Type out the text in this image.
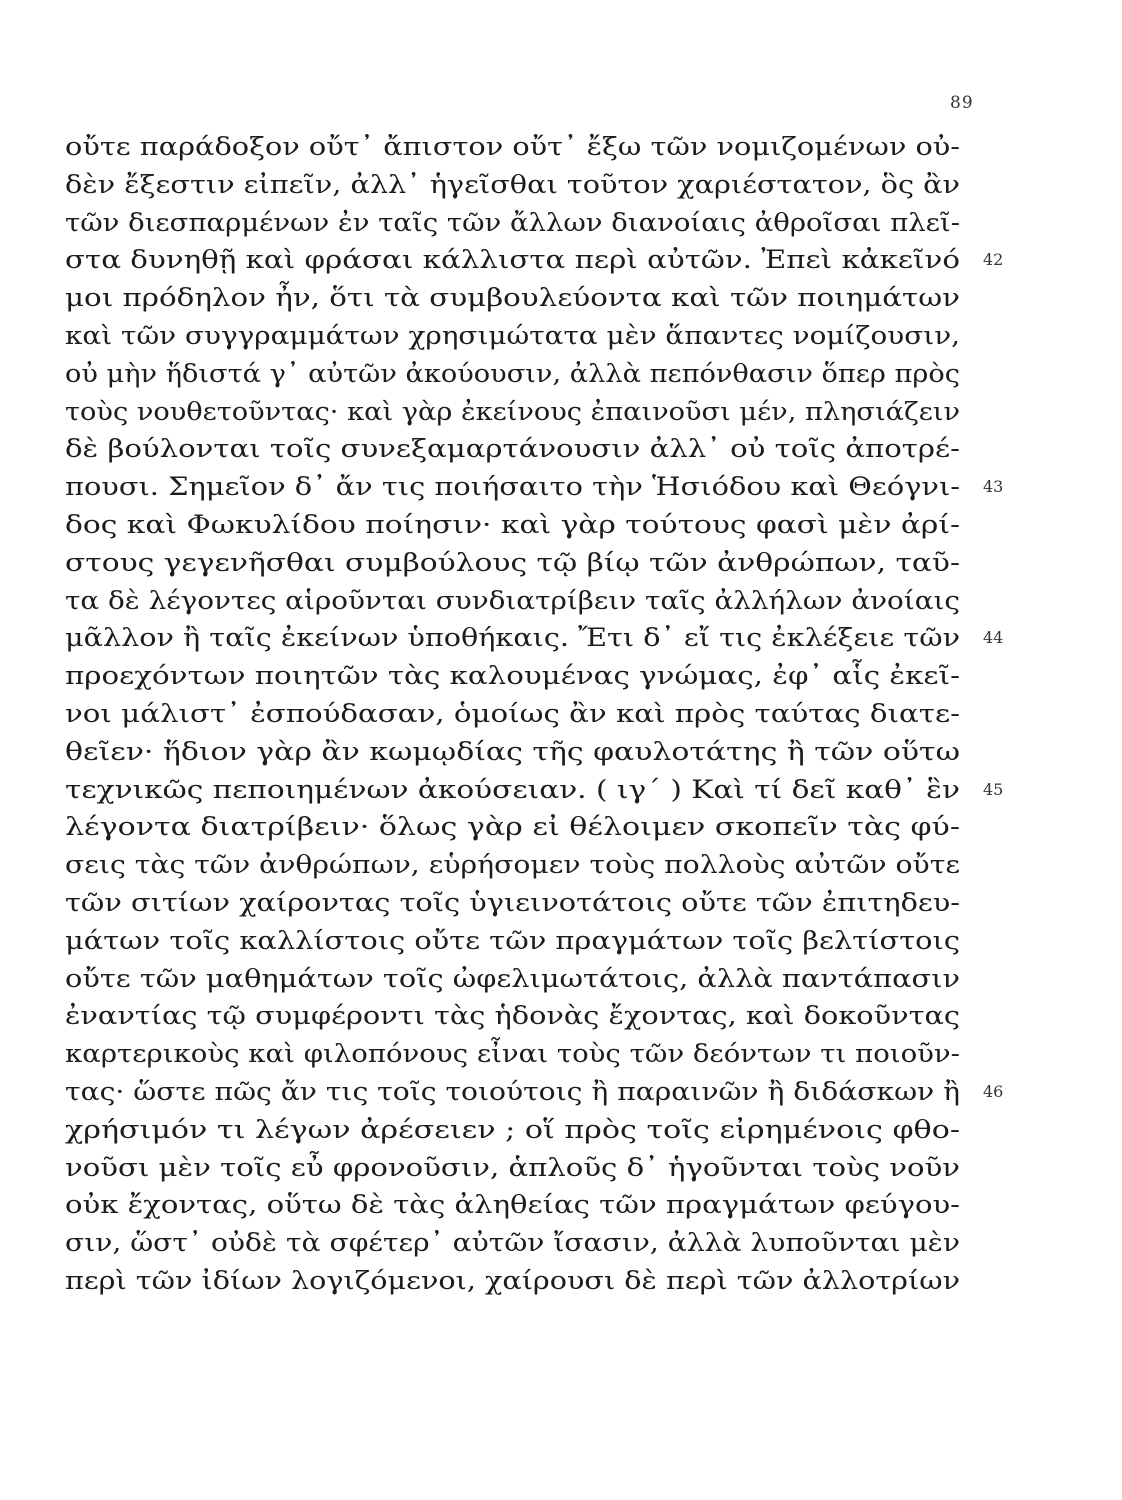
89
οὔτε παράδοξον οὔτ᾽ ἄπιστον οὔτ᾽ ἔξω τῶν νομιζομένων οὐ-
δὲν ἔξεστιν εἰπεῖν, ἀλλ᾽ ἡγεῖσθαι τοῦτον χαριέστατον, ὃς ἂν
τῶν διεσπαρμένων ἐν ταῖς τῶν ἄλλων διανοίαις ἀθροῖσαι πλεῖ-
στα δυνηθῇ καὶ φράσαι κάλλιστα περὶ αὐτῶν. Ἐπεὶ κἀκεῖνό 42
μοι πρόδηλον ἦν, ὅτι τὰ συμβουλεύοντα καὶ τῶν ποιημάτων
καὶ τῶν συγγραμμάτων χρησιμώτατα μὲν ἅπαντες νομίζουσιν,
οὐ μὴν ἥδιστά γ᾽ αὐτῶν ἀκούουσιν, ἀλλὰ πεπόνθασιν ὅπερ πρὸς
τοὺς νουθετοῦντας· καὶ γὰρ ἐκείνους ἐπαινοῦσι μέν, πλησιάζειν
δὲ βούλονται τοῖς συνεξαμαρτάνουσιν ἀλλ᾽ οὐ τοῖς ἀποτρέ-
πουσι. Σημεῖον δ᾽ ἄν τις ποιήσαιτο τὴν Ἡσιόδου καὶ Θεόγνι- 43
δος καὶ Φωκυλίδου ποίησιν· καὶ γὰρ τούτους φασὶ μὲν ἀρί-
στους γεγενῆσθαι συμβούλους τῷ βίῳ τῶν ἀνθρώπων, ταῦ-
τα δὲ λέγοντες αἱροῦνται συνδιατρίβειν ταῖς ἀλλήλων ἀνοίαις
μᾶλλον ἢ ταῖς ἐκείνων ὑποθήκαις. Ἔτι δ᾽ εἴ τις ἐκλέξειε τῶν 44
προεχόντων ποιητῶν τὰς καλουμένας γνώμας, ἐφ᾽ αἷς ἐκεῖ-
νοι μάλιστ᾽ ἐσπούδασαν, ὁμοίως ἂν καὶ πρὸς ταύτας διατε-
θεῖεν· ἥδιον γὰρ ἂν κωμῳδίας τῆς φαυλοτάτης ἢ τῶν οὕτω
τεχνικῶς πεποιημένων ἀκούσειαν. ( ιγ΄ ) Καὶ τί δεῖ καθ᾽ ἓν 45
λέγοντα διατρίβειν· ὅλως γὰρ εἰ θέλοιμεν σκοπεῖν τὰς φύ-
σεις τὰς τῶν ἀνθρώπων, εὑρήσομεν τοὺς πολλοὺς αὐτῶν οὔτε
τῶν σιτίων χαίροντας τοῖς ὑγιεινοτάτοις οὔτε τῶν ἐπιτηδευ-
μάτων τοῖς καλλίστοις οὔτε τῶν πραγμάτων τοῖς βελτίστοις
οὔτε τῶν μαθημάτων τοῖς ὠφελιμωτάτοις, ἀλλὰ παντάπασιν
ἐναντίας τῷ συμφέροντι τὰς ἡδονὰς ἔχοντας, καὶ δοκοῦντας
καρτερικοὺς καὶ φιλοπόνους εἶναι τοὺς τῶν δεόντων τι ποιοῦν-
τας· ὥστε πῶς ἄν τις τοῖς τοιούτοις ἢ παραινῶν ἢ διδάσκων ἢ 46
χρήσιμόν τι λέγων ἀρέσειεν ; οἵ πρὸς τοῖς εἰρημένοις φθο-
νοῦσι μὲν τοῖς εὖ φρονοῦσιν, ἁπλοῦς δ᾽ ἡγοῦνται τοὺς νοῦν
οὐκ ἔχοντας, οὕτω δὲ τὰς ἀληθείας τῶν πραγμάτων φεύγου-
σιν, ὥστ᾽ οὐδὲ τὰ σφέτερ᾽ αὐτῶν ἴσασιν, ἀλλὰ λυποῦνται μὲν
περὶ τῶν ἰδίων λογιζόμενοι, χαίρουσι δὲ περὶ τῶν ἀλλοτρίων
